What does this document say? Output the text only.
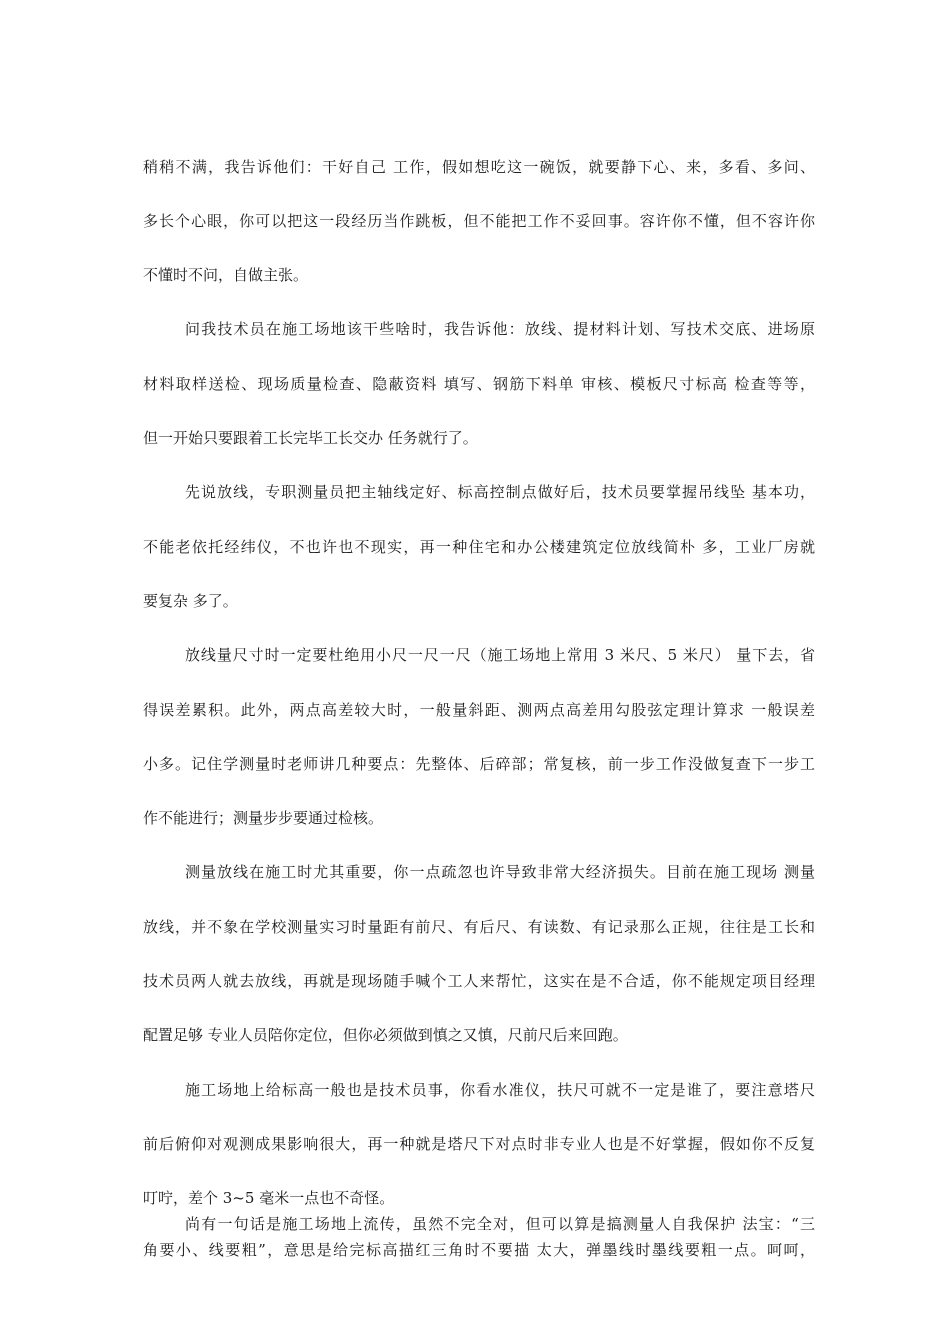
稍稍不满，我告诉他们：干好自己 工作，假如想吃这一碗饭，就要静下心、来，多看、多问、
多长个心眼，你可以把这一段经历当作跳板，但不能把工作不妥回事。容许你不懂，但不容许你
不懂时不问，自做主张。
问我技术员在施工场地该干些啥时，我告诉他：放线、提材料计划、写技术交底、进场原
材料取样送检、现场质量检查、隐蔽资料 填写、钢筋下料单 审核、模板尺寸标高 检查等等，
但一开始只要跟着工长完毕工长交办 任务就行了。
先说放线，专职测量员把主轴线定好、标高控制点做好后，技术员要掌握吊线坠 基本功，
不能老依托经纬仪，不也许也不现实，再一种住宅和办公楼建筑定位放线简朴 多，工业厂房就
要复杂 多了。
放线量尺寸时一定要杜绝用小尺一尺一尺（施工场地上常用 3 米尺、5 米尺） 量下去，省
得误差累积。此外，两点高差较大时，一般量斜距、测两点高差用勾股弦定理计算求 一般误差
小多。记住学测量时老师讲几种要点：先整体、后碎部；常复核，前一步工作没做复查下一步工
作不能进行；测量步步要通过检核。
测量放线在施工时尤其重要，你一点疏忽也许导致非常大经济损失。目前在施工现场 测量
放线，并不象在学校测量实习时量距有前尺、有后尺、有读数、有记录那么正规，往往是工长和
技术员两人就去放线，再就是现场随手喊个工人来帮忙，这实在是不合适，你不能规定项目经理
配置足够 专业人员陪你定位，但你必须做到慎之又慎，尺前尺后来回跑。
施工场地上给标高一般也是技术员事，你看水准仪，扶尺可就不一定是谁了，要注意塔尺
前后俯仰对观测成果影响很大，再一种就是塔尺下对点时非专业人也是不好掌握，假如你不反复
叮咛，差个 3~5 毫米一点也不奇怪。
尚有一句话是施工场地上流传，虽然不完全对，但可以算是搞测量人自我保护 法宝：“三
角要小、线要粗”，意思是给完标高描红三角时不要描 太大，弹墨线时墨线要粗一点。呵呵，
